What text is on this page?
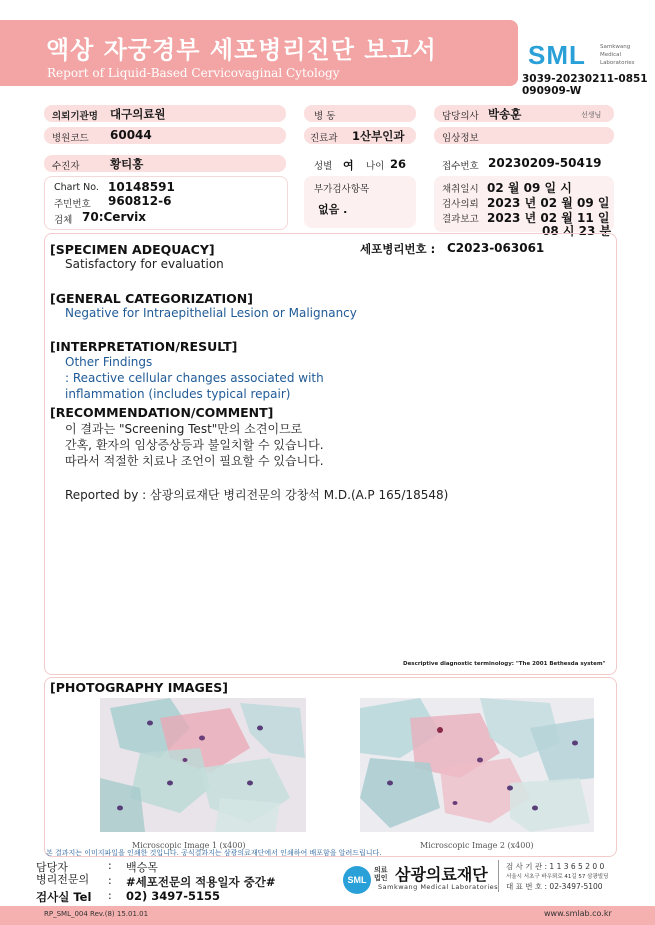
액상 자궁경부 세포병리진단 보고서
Report of Liquid-Based Cervicovaginal Cytology
SML	Samkwang
Medical
Laboratories
3039-20230211-0851
090909-W
의뢰기관명 대구의료원	병 동	담당의사 박송훈	선생님
병원코드 60044	진료과 1산부인과	임상정보
수진자	황티홍	성별 여 나이 26	접수번호 20230209-50419
Chart No. 10148591
주민번호 960812-6
검체 70:Cervix
부가검사항목
없음 .
채취일시 02 월 09 일 시
검사의뢰 2023 년 02 월 09 일
결과보고 2023 년 02 월 11 일
08 시 23 분
[SPECIMEN ADEQUACY]	세포병리번호 : C2023-063061
Satisfactory for evaluation
[GENERAL CATEGORIZATION]
Negative for Intraepithelial Lesion or Malignancy
[INTERPRETATION/RESULT]
Other Findings
: Reactive cellular changes associated with
inflammation (includes typical repair)
[RECOMMENDATION/COMMENT]
이 결과는 "Screening Test"만의 소견이므로
간혹, 환자의 임상증상등과 불일치할 수 있습니다.
따라서 적절한 치료나 조언이 필요할 수 있습니다.
Reported by : 삼광의료재단 병리전문의 강창석 M.D.(A.P 165/18548)
Descriptive diagnostic terminology: "The 2001 Bethesda system"
[PHOTOGRAPHY IMAGES]
Microscopic Image 1 (x400)	Microscopic Image 2 (x400)
본 결과지는 이미지파일을 인쇄한 것입니다. 공식결과지는 삼광의료재단에서 인쇄하여 배포함을 알려드립니다.
담당자	: 백승목
병리전문의 : #세포전문의 적용일자 중간#
검사실 Tel : 02) 3497-5155
SML
의료
법인 삼광의료재단
Samkwang Medical Laboratories
검 사 기 관 : 1 1 3 6 5 2 0 0
서울시 서초구 바우뫼로 41길 57 삼광빌딩
대 표 번 호 : 02-3497-5100
RP_SML_004 Rev.(8) 15.01.01	www.smlab.co.kr
